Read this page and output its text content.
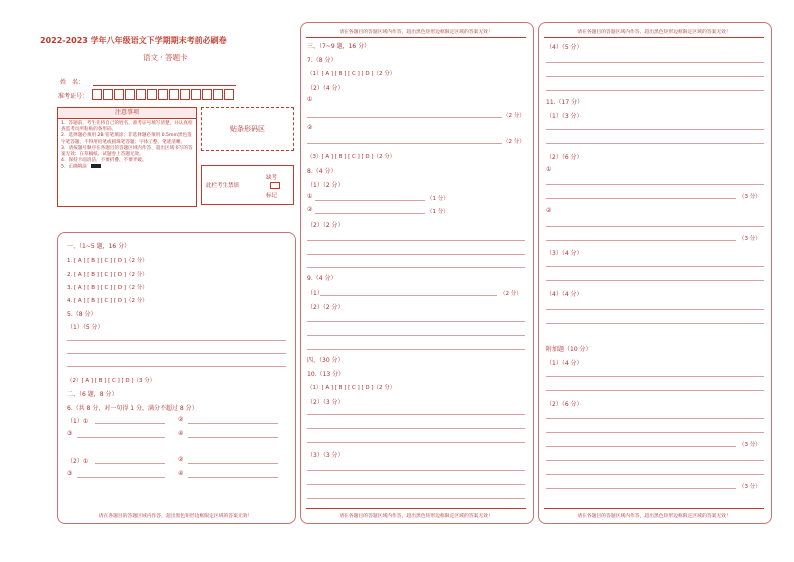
2022-2023 学年八年级语文下学期期末考前必刷卷
语文 · 答题卡
姓　名：
准考证号：
注意事项
1．答题前，考生先将自己的姓名，准考证号填写清楚，并认真检查监考员所粘贴的条形码。
2．选择题必须用 2B 铅笔填涂；非选择题必须用 0.5mm黑色签字笔答题，不得用铅笔或圆珠笔答题；字体工整、笔迹清晰。
3．请按题号顺序在各题目的答题区域内作答，超出区域书写的答案无效；在草稿纸、试题卷上答题无效。
4．保持卡面清洁，不要折叠、不要弄破。
5．正确填涂
贴条形码区
此栏考生禁填
缺考
标记
一、（1~5 题，16 分）
1. [ A ] [ B ] [ C ] [ D ]（2 分）
2. [ A ] [ B ] [ C ] [ D ]（2 分）
3. [ A ] [ B ] [ C ] [ D ]（2 分）
4. [ A ] [ B ] [ C ] [ D ]（2 分）
5.（8 分）
（1）（5 分）
（2）[ A ] [ B ] [ C ] [ D ]（3 分）
二、（6 题，8 分）
6.（共 8 分，对一句得 1 分，满分不超过 8 分）
（1）①	②
③	④
（2）①	②
③	④
请在各题目的答题区域内作答，超出黑色矩形边框限定区域的答案无效！
请在各题目的答题区域内作答，超出黑色矩形边框限定区域的答案无效！
三、（7~9 题，16 分）
7.（8 分）
（1）[ A ] [ B ] [ C ] [ D ]（2 分）
（2）（4 分）
①
（2 分）
②
（2 分）
（3）[ A ] [ B ] [ C ] [ D ]（2 分）
8.（4 分）
（1）（2 分）
①	（1 分）
②	（1 分）
（2）（2 分）
9.（4 分）
（1）	（2 分）
（2）（2 分）
四、（30 分）
10.（13 分）
（1）[ A ] [ B ] [ C ] [ D ]（2 分）
（2）（3 分）
（3）（3 分）
请在各题目的答题区域内作答，超出黑色矩形边框限定区域的答案无效！
请在各题目的答题区域内作答，超出黑色矩形边框限定区域的答案无效！
（4）（5 分）
11.（17 分）
（1）（3 分）
（2）（6 分）
①
（3 分）
②
（3 分）
（3）（4 分）
（4）（4 分）
附加题（10 分）
（1）（4 分）
（2）（6 分）
（3 分）
（3 分）
请在各题目的答题区域内作答，超出黑色矩形边框限定区域的答案无效！
